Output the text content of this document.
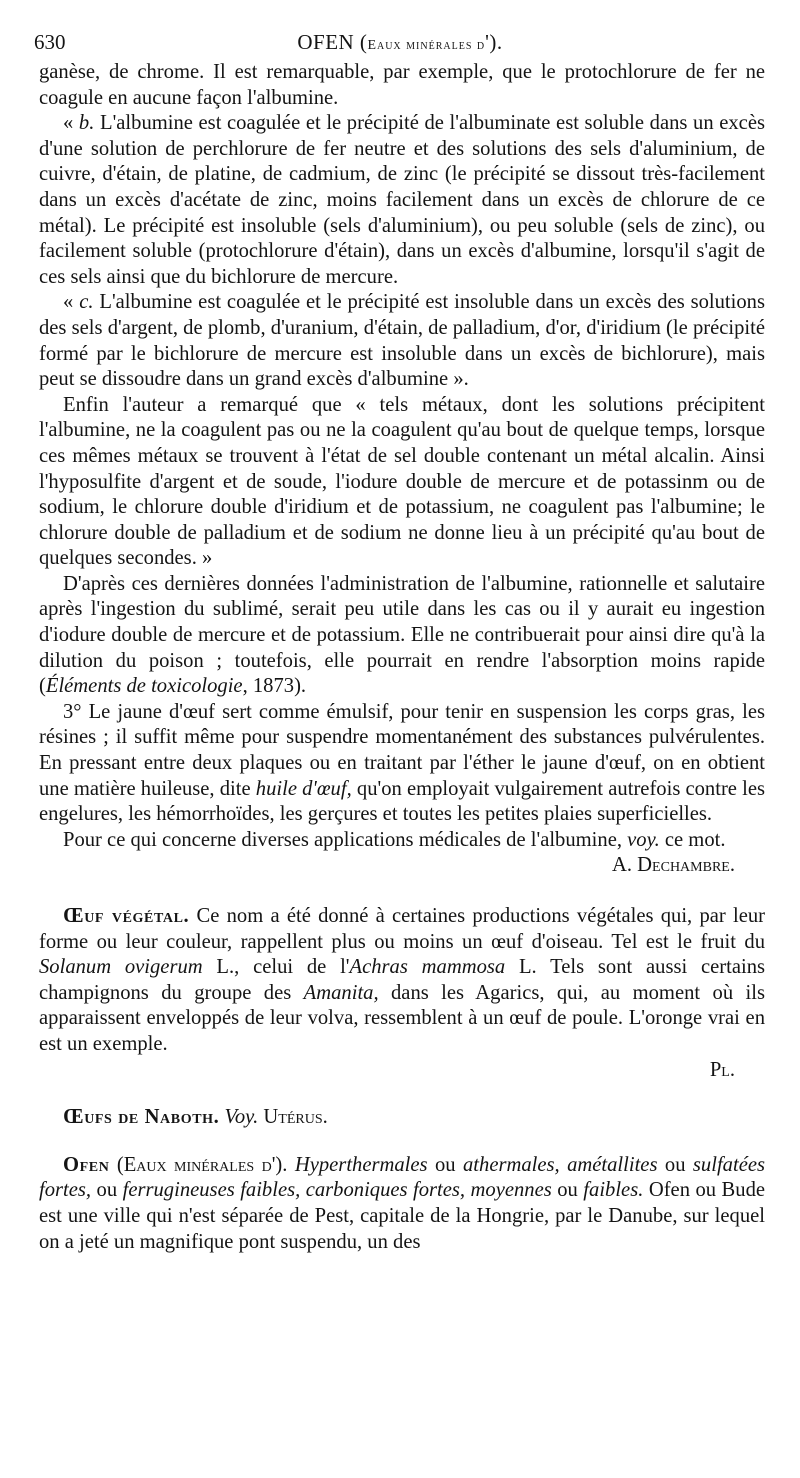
630	OFEN (Eaux minérales d').

ganèse, de chrome. Il est remarquable, par exemple, que le protochlorure de fer ne coagule en aucune façon l'albumine.

« b. L'albumine est coagulée et le précipité de l'albuminate est soluble dans un excès d'une solution de perchlorure de fer neutre et des solutions des sels d'aluminium, de cuivre, d'étain, de platine, de cadmium, de zinc (le précipité se dissout très-facilement dans un excès d'acétate de zinc, moins facilement dans un excès de chlorure de ce métal). Le précipité est insoluble (sels d'aluminium), ou peu soluble (sels de zinc), ou facilement soluble (protochlorure d'étain), dans un excès d'albumine, lorsqu'il s'agit de ces sels ainsi que du bichlorure de mercure.

« c. L'albumine est coagulée et le précipité est insoluble dans un excès des solutions des sels d'argent, de plomb, d'uranium, d'étain, de palladium, d'or, d'iridium (le précipité formé par le bichlorure de mercure est insoluble dans un excès de bichlorure), mais peut se dissoudre dans un grand excès d'albumine ».

Enfin l'auteur a remarqué que « tels métaux, dont les solutions précipitent l'albumine, ne la coagulent pas ou ne la coagulent qu'au bout de quelque temps, lorsque ces mêmes métaux se trouvent à l'état de sel double contenant un métal alcalin. Ainsi l'hyposulfite d'argent et de soude, l'iodure double de mercure et de potassinm ou de sodium, le chlorure double d'iridium et de potassium, ne coagulent pas l'albumine; le chlorure double de palladium et de sodium ne donne lieu à un précipité qu'au bout de quelques secondes. »

D'après ces dernières données l'administration de l'albumine, rationnelle et salutaire après l'ingestion du sublimé, serait peu utile dans les cas ou il y aurait eu ingestion d'iodure double de mercure et de potassium. Elle ne contribuerait pour ainsi dire qu'à la dilution du poison ; toutefois, elle pourrait en rendre l'absorption moins rapide (Éléments de toxicologie, 1873).

3° Le jaune d'œuf sert comme émulsif, pour tenir en suspension les corps gras, les résines ; il suffit même pour suspendre momentanément des substances pulvérulentes. En pressant entre deux plaques ou en traitant par l'éther le jaune d'œuf, on en obtient une matière huileuse, dite huile d'œuf, qu'on employait vulgairement autrefois contre les engelures, les hémorrhoïdes, les gerçures et toutes les petites plaies superficielles.

Pour ce qui concerne diverses applications médicales de l'albumine, voy. ce mot.

A. Dechambre.

Œuf végétal. Ce nom a été donné à certaines productions végétales qui, par leur forme ou leur couleur, rappellent plus ou moins un œuf d'oiseau. Tel est le fruit du Solanum ovigerum L., celui de l'Achras mammosa L. Tels sont aussi certains champignons du groupe des Amanita, dans les Agarics, qui, au moment où ils apparaissent enveloppés de leur volva, ressemblent à un œuf de poule. L'oronge vrai en est un exemple.

Pl.

Œufs de Naboth. Voy. Utérus.

Ofen (Eaux minérales d'). Hyperthermales ou athermales, amétallites ou sulfatées fortes, ou ferrugineuses faibles, carboniques fortes, moyennes ou faibles. Ofen ou Bude est une ville qui n'est séparée de Pest, capitale de la Hongrie, par le Danube, sur lequel on a jeté un magnifique pont suspendu, un des
